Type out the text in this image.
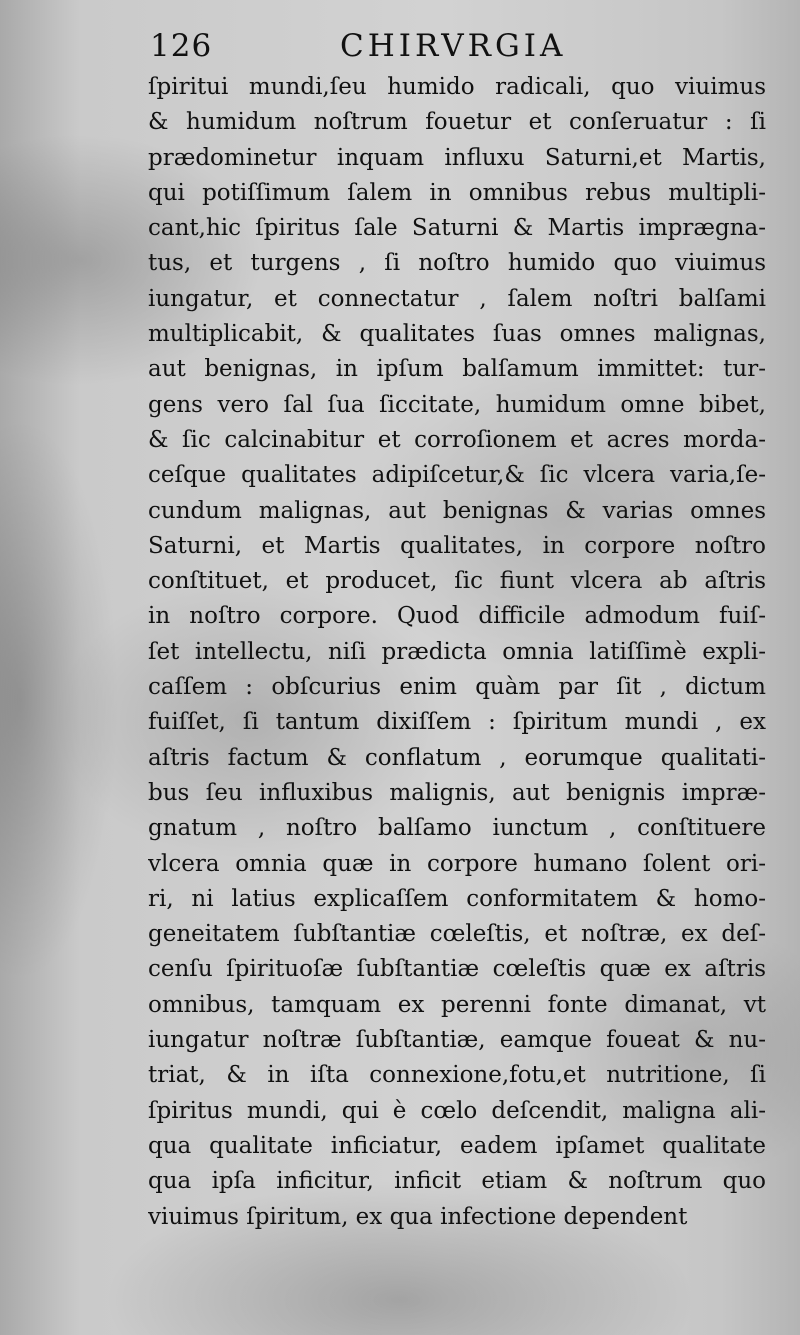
126	CHIRVRGIA
ſpiritui mundi,ſeu humido radicali, quo viuimus
& humidum noſtrum fouetur et conſeruatur : ſi
prædominetur inquam influxu Saturni,et Martis,
qui potiſſimum ſalem in omnibus rebus multipli-
cant,hic ſpiritus ſale Saturni & Martis imprægna-
tus, et turgens , ſi noſtro humido quo viuimus
iungatur, et connectatur , ſalem noſtri balſami
multiplicabit, & qualitates ſuas omnes malignas,
aut benignas, in ipſum balſamum immittet: tur-
gens vero ſal ſua ſiccitate, humidum omne bibet,
& ſic calcinabitur et corroſionem et acres morda-
ceſque qualitates adipiſcetur,& ſic vlcera varia,ſe-
cundum malignas, aut benignas & varias omnes
Saturni, et Martis qualitates, in corpore noſtro
conſtituet, et producet, ſic fiunt vlcera ab aſtris
in noſtro corpore. Quod difficile admodum fuiſ-
ſet intellectu, niſi prædicta omnia latiſſimè expli-
caſſem : obſcurius enim quàm par ſit , dictum
fuiſſet, ſi tantum dixiſſem : ſpiritum mundi , ex
aſtris factum & conflatum , eorumque qualitati-
bus ſeu influxibus malignis, aut benignis impræ-
gnatum , noſtro balſamo iunctum , conſtituere
vlcera omnia quæ in corpore humano ſolent ori-
ri, ni latius explicaſſem conformitatem & homo-
geneitatem ſubſtantiæ cœleſtis, et noſtræ, ex deſ-
cenſu ſpirituoſæ ſubſtantiæ cœleſtis quæ ex aſtris
omnibus, tamquam ex perenni fonte dimanat, vt
iungatur noſtræ ſubſtantiæ, eamque foueat & nu-
triat, & in iſta connexione,fotu,et nutritione, ſi
ſpiritus mundi, qui è cœlo deſcendit, maligna ali-
qua qualitate inficiatur, eadem ipſamet qualitate
qua ipſa inficitur, inficit etiam & noſtrum quo
viuimus ſpiritum, ex qua infectione dependent
